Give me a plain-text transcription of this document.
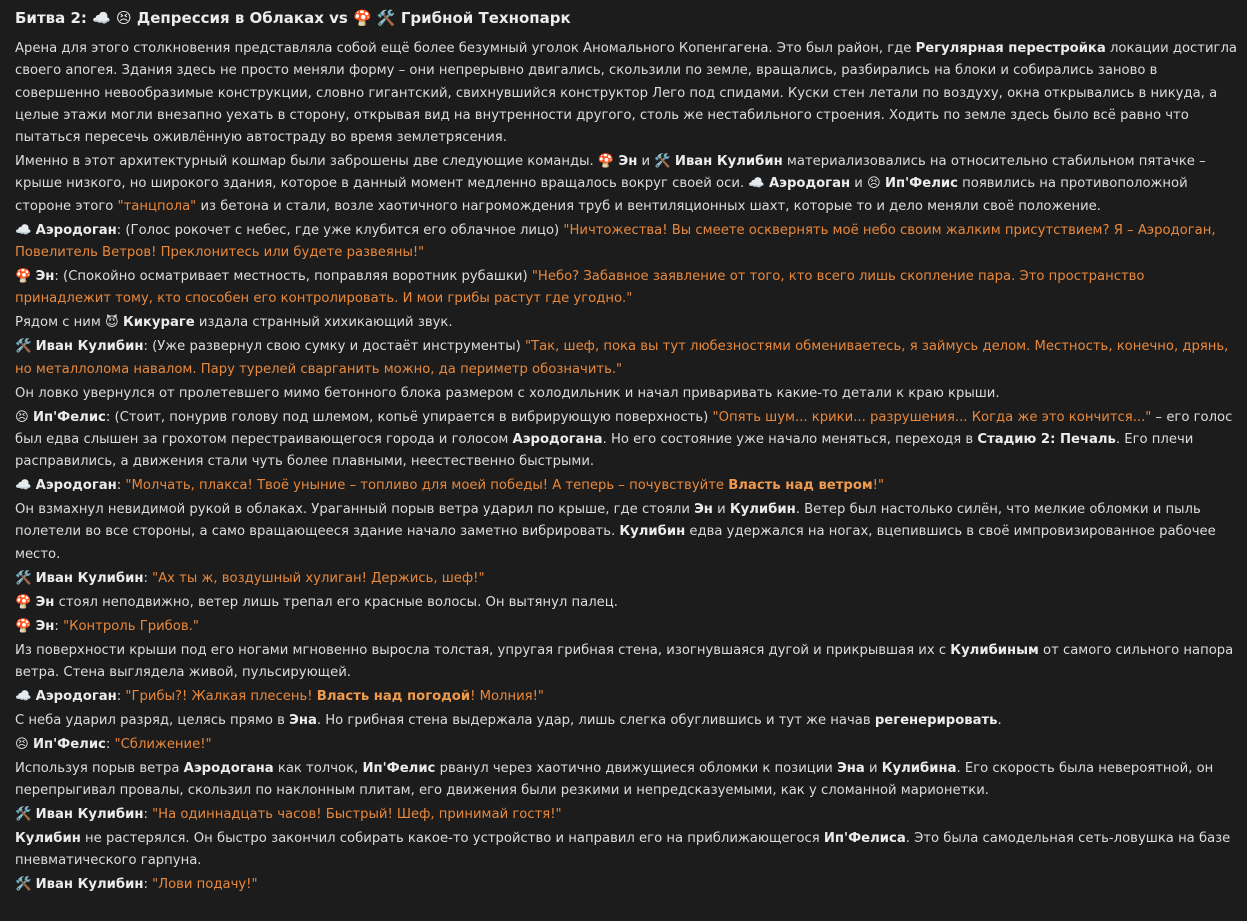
Битва 2: ☁️ 😣 Депрессия в Облаках vs 🍄 🛠️ Грибной Технопарк

Арена для этого столкновения представляла собой ещё более безумный уголок Аномального Копенгагена. Это был район, где Регулярная перестройка локации достигла своего апогея. Здания здесь не просто меняли форму – они непрерывно двигались, скользили по земле, вращались, разбирались на блоки и собирались заново в совершенно невообразимые конструкции, словно гигантский, свихнувшийся конструктор Лего под спидами. Куски стен летали по воздуху, окна открывались в никуда, а целые этажи могли внезапно уехать в сторону, открывая вид на внутренности другого, столь же нестабильного строения. Ходить по земле здесь было всё равно что пытаться пересечь оживлённую автостраду во время землетрясения.

Именно в этот архитектурный кошмар были заброшены две следующие команды. 🍄 Эн и 🛠️ Иван Кулибин материализовались на относительно стабильном пятачке – крыше низкого, но широкого здания, которое в данный момент медленно вращалось вокруг своей оси. ☁️ Аэродоган и 😣 Ип'Фелис появились на противоположной стороне этого "танцпола" из бетона и стали, возле хаотичного нагромождения труб и вентиляционных шахт, которые то и дело меняли своё положение.

☁️ Аэродоган: (Голос рокочет с небес, где уже клубится его облачное лицо) "Ничтожества! Вы смеете осквернять моё небо своим жалким присутствием? Я – Аэродоган, Повелитель Ветров! Преклонитесь или будете развеяны!"

🍄 Эн: (Спокойно осматривает местность, поправляя воротник рубашки) "Небо? Забавное заявление от того, кто всего лишь скопление пара. Это пространство принадлежит тому, кто способен его контролировать. И мои грибы растут где угодно."

Рядом с ним 😈 Кикураге издала странный хихикающий звук.

🛠️ Иван Кулибин: (Уже развернул свою сумку и достаёт инструменты) "Так, шеф, пока вы тут любезностями обмениваетесь, я займусь делом. Местность, конечно, дрянь, но металлолома навалом. Пару турелей сварганить можно, да периметр обозначить."

Он ловко увернулся от пролетевшего мимо бетонного блока размером с холодильник и начал приваривать какие-то детали к краю крыши.

😣 Ип'Фелис: (Стоит, понурив голову под шлемом, копьё упирается в вибрирующую поверхность) "Опять шум... крики... разрушения... Когда же это кончится..." – его голос был едва слышен за грохотом перестраивающегося города и голосом Аэродогана. Но его состояние уже начало меняться, переходя в Стадию 2: Печаль. Его плечи расправились, а движения стали чуть более плавными, неестественно быстрыми.

☁️ Аэродоган: "Молчать, плакса! Твоё уныние – топливо для моей победы! А теперь – почувствуйте Власть над ветром!"

Он взмахнул невидимой рукой в облаках. Ураганный порыв ветра ударил по крыше, где стояли Эн и Кулибин. Ветер был настолько силён, что мелкие обломки и пыль полетели во все стороны, а само вращающееся здание начало заметно вибрировать. Кулибин едва удержался на ногах, вцепившись в своё импровизированное рабочее место.

🛠️ Иван Кулибин: "Ах ты ж, воздушный хулиган! Держись, шеф!"

🍄 Эн стоял неподвижно, ветер лишь трепал его красные волосы. Он вытянул палец.

🍄 Эн: "Контроль Грибов."

Из поверхности крыши под его ногами мгновенно выросла толстая, упругая грибная стена, изогнувшаяся дугой и прикрывшая их с Кулибиным от самого сильного напора ветра. Стена выглядела живой, пульсирующей.

☁️ Аэродоган: "Грибы?! Жалкая плесень! Власть над погодой! Молния!"

С неба ударил разряд, целясь прямо в Эна. Но грибная стена выдержала удар, лишь слегка обуглившись и тут же начав регенерировать.

😣 Ип'Фелис: "Сближение!"

Используя порыв ветра Аэродогана как толчок, Ип'Фелис рванул через хаотично движущиеся обломки к позиции Эна и Кулибина. Его скорость была невероятной, он перепрыгивал провалы, скользил по наклонным плитам, его движения были резкими и непредсказуемыми, как у сломанной марионетки.

🛠️ Иван Кулибин: "На одиннадцать часов! Быстрый! Шеф, принимай гостя!"

Кулибин не растерялся. Он быстро закончил собирать какое-то устройство и направил его на приближающегося Ип'Фелиса. Это была самодельная сеть-ловушка на базе пневматического гарпуна.

🛠️ Иван Кулибин: "Лови подачу!"
